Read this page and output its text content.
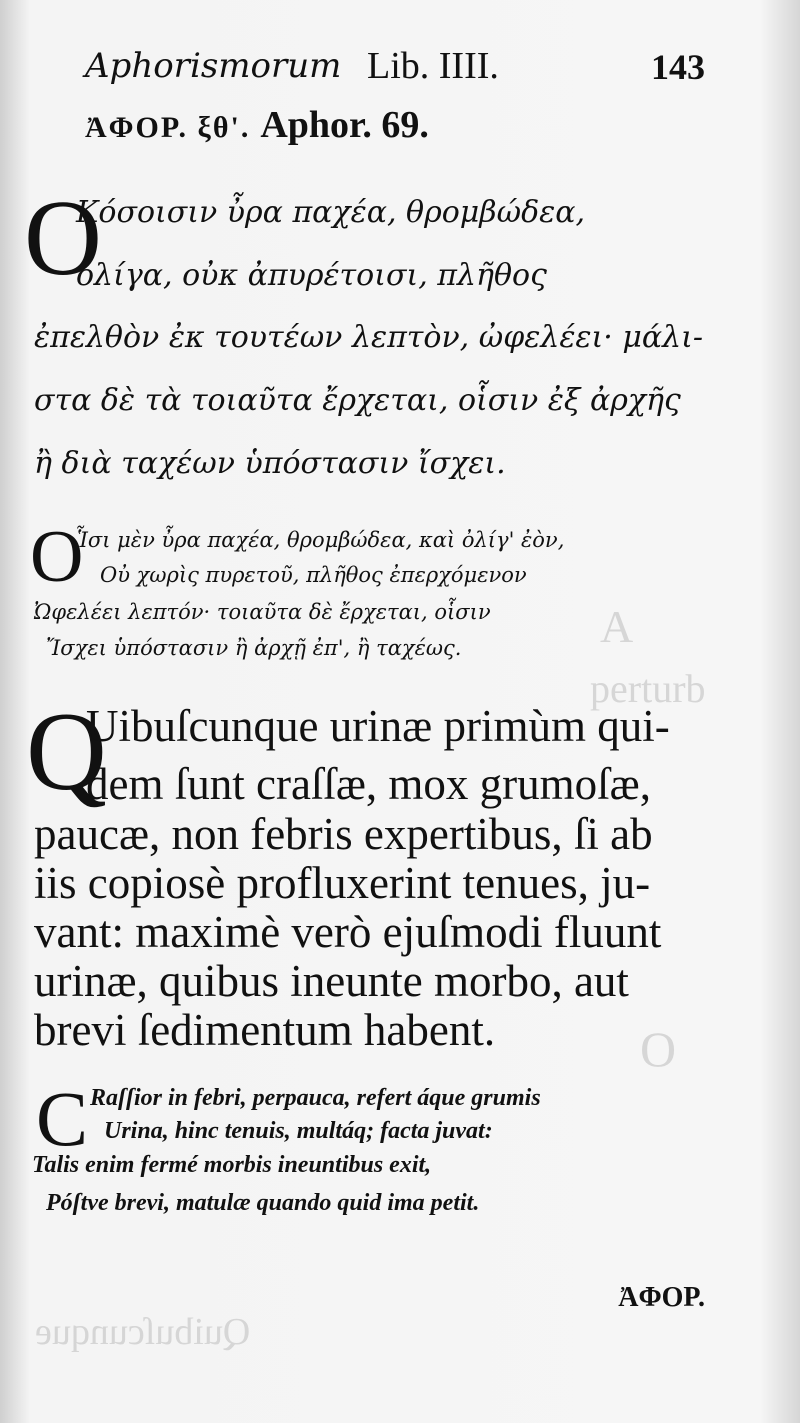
A
perturb
O
Quibuſcunque
Aphorismorum Lib. IIII.	143
ἈΦΟΡ. ξθ'. Aphor. 69.
O
Κόσοισιν ὖρα παχέα, θρομβώδεα,
ὀλίγα, οὐκ ἀπυρέτοισι, πλῆθος
ἐπελθὸν ἐκ τουτέων λεπτὸν, ὠφελέει· μάλι-
στα δὲ τὰ τοιαῦτα ἔρχεται, οἷσιν ἐξ ἀρχῆς
ἢ διὰ ταχέων ὑπόστασιν ἴσχει.
O
Ἷσι μὲν ὖρα παχέα, θρομβώδεα, καὶ ὀλίγ' ἐὸν,
Οὐ χωρὶς πυρετοῦ, πλῆθος ἐπερχόμενον
Ὠφελέει λεπτόν· τοιαῦτα δὲ ἔρχεται, οἷσιν
Ἴσχει ὑπόστασιν ἢ ἀρχῇ ἐπ', ἢ ταχέως.
Q
Uibuſcunque urinæ primùm qui-
dem ſunt craſſæ, mox grumoſæ,
paucæ, non febris expertibus, ſi ab
iis copiosè profluxerint tenues, ju-
vant: maximè verò ejuſmodi fluunt
urinæ, quibus ineunte morbo, aut
brevi ſedimentum habent.
C Raſſior in febri, perpauca, refert áque grumis
Urina, hinc tenuis, multáq; facta juvat:
Talis enim fermé morbis ineuntibus exit,
Póſtve brevi, matulæ quando quid ima petit.
ἈΦΟΡ.
